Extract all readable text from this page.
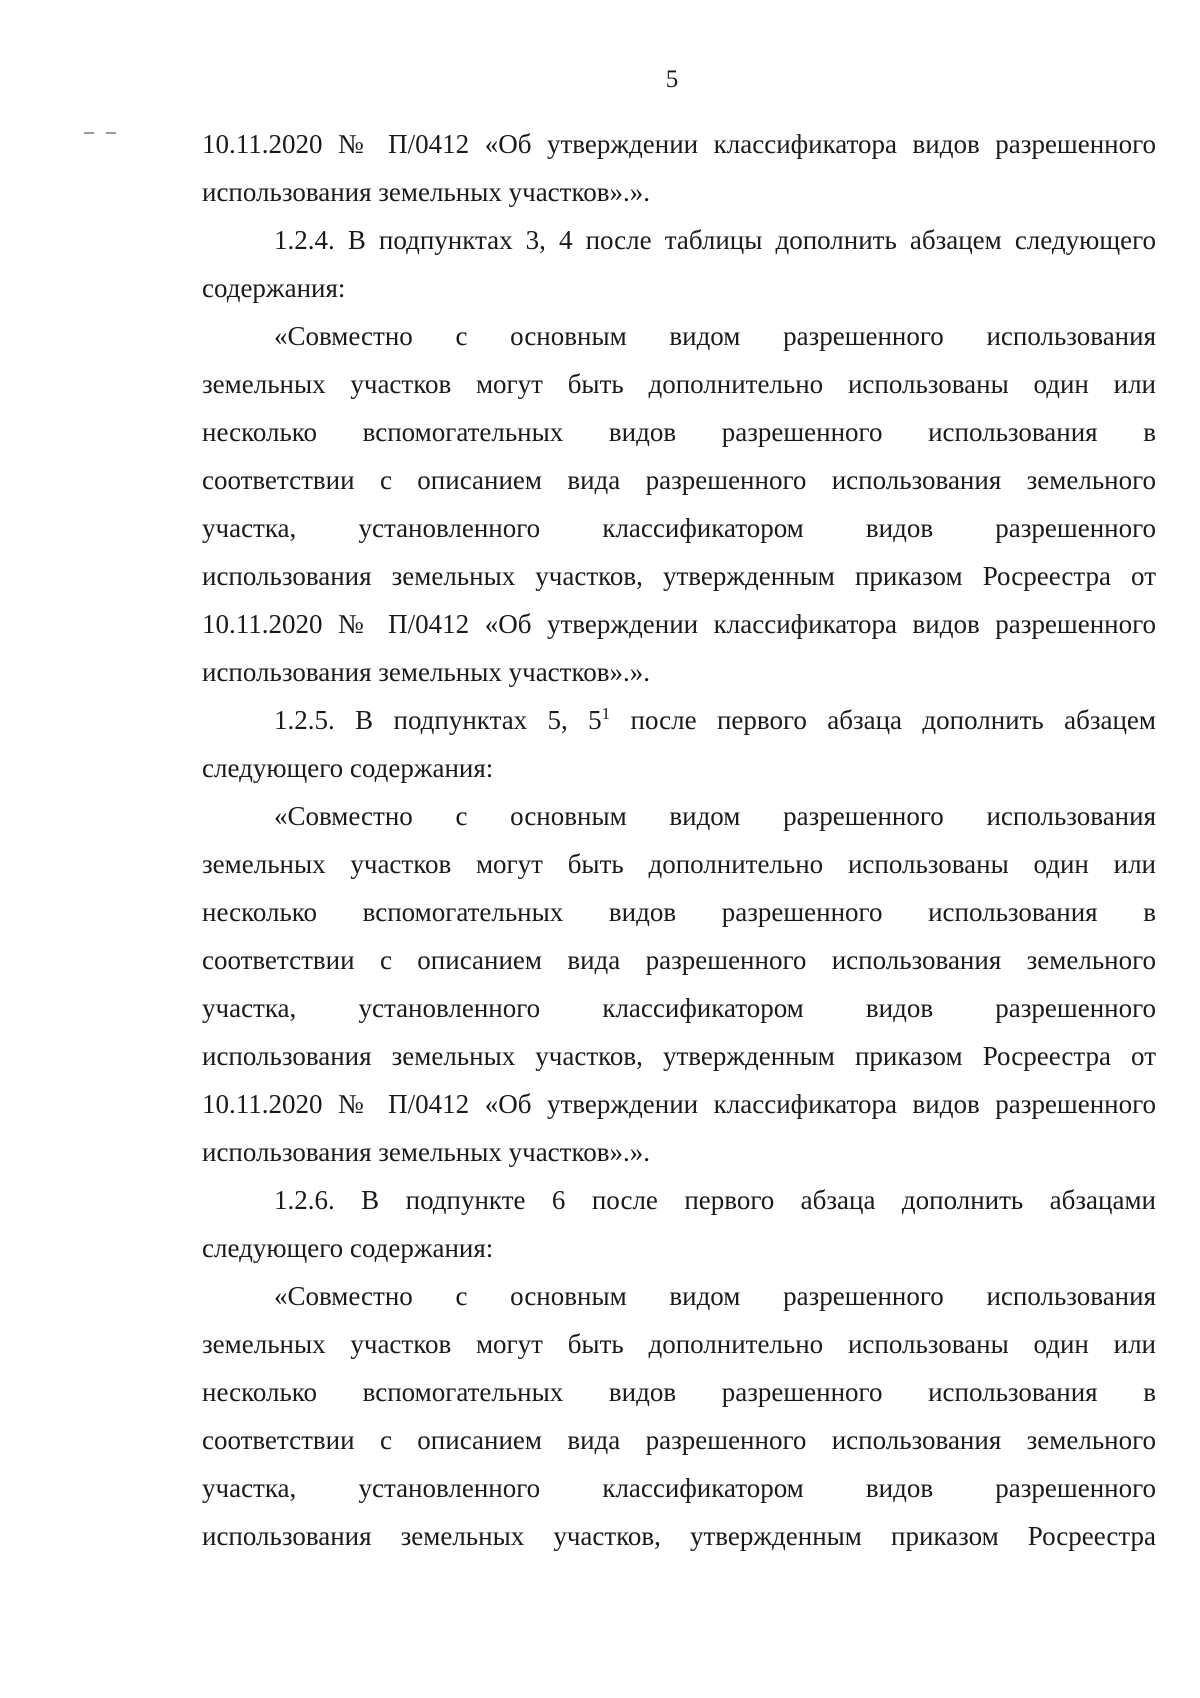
5
10.11.2020 № П/0412 «Об утверждении классификатора видов разрешенного
использования земельных участков».».
1.2.4. В подпунктах 3, 4 после таблицы дополнить абзацем следующего
содержания:
«Совместно с основным видом разрешенного использования
земельных участков могут быть дополнительно использованы один или
несколько вспомогательных видов разрешенного использования в
соответствии с описанием вида разрешенного использования земельного
участка, установленного классификатором видов разрешенного
использования земельных участков, утвержденным приказом Росреестра от
10.11.2020 № П/0412 «Об утверждении классификатора видов разрешенного
использования земельных участков».».
1.2.5. В подпунктах 5, $5^1$ после первого абзаца дополнить абзацем
следующего содержания:
«Совместно с основным видом разрешенного использования
земельных участков могут быть дополнительно использованы один или
несколько вспомогательных видов разрешенного использования в
соответствии с описанием вида разрешенного использования земельного
участка, установленного классификатором видов разрешенного
использования земельных участков, утвержденным приказом Росреестра от
10.11.2020 № П/0412 «Об утверждении классификатора видов разрешенного
использования земельных участков».».
1.2.6. В подпункте 6 после первого абзаца дополнить абзацами
следующего содержания:
«Совместно с основным видом разрешенного использования
земельных участков могут быть дополнительно использованы один или
несколько вспомогательных видов разрешенного использования в
соответствии с описанием вида разрешенного использования земельного
участка, установленного классификатором видов разрешенного
использования земельных участков, утвержденным приказом Росреестра
